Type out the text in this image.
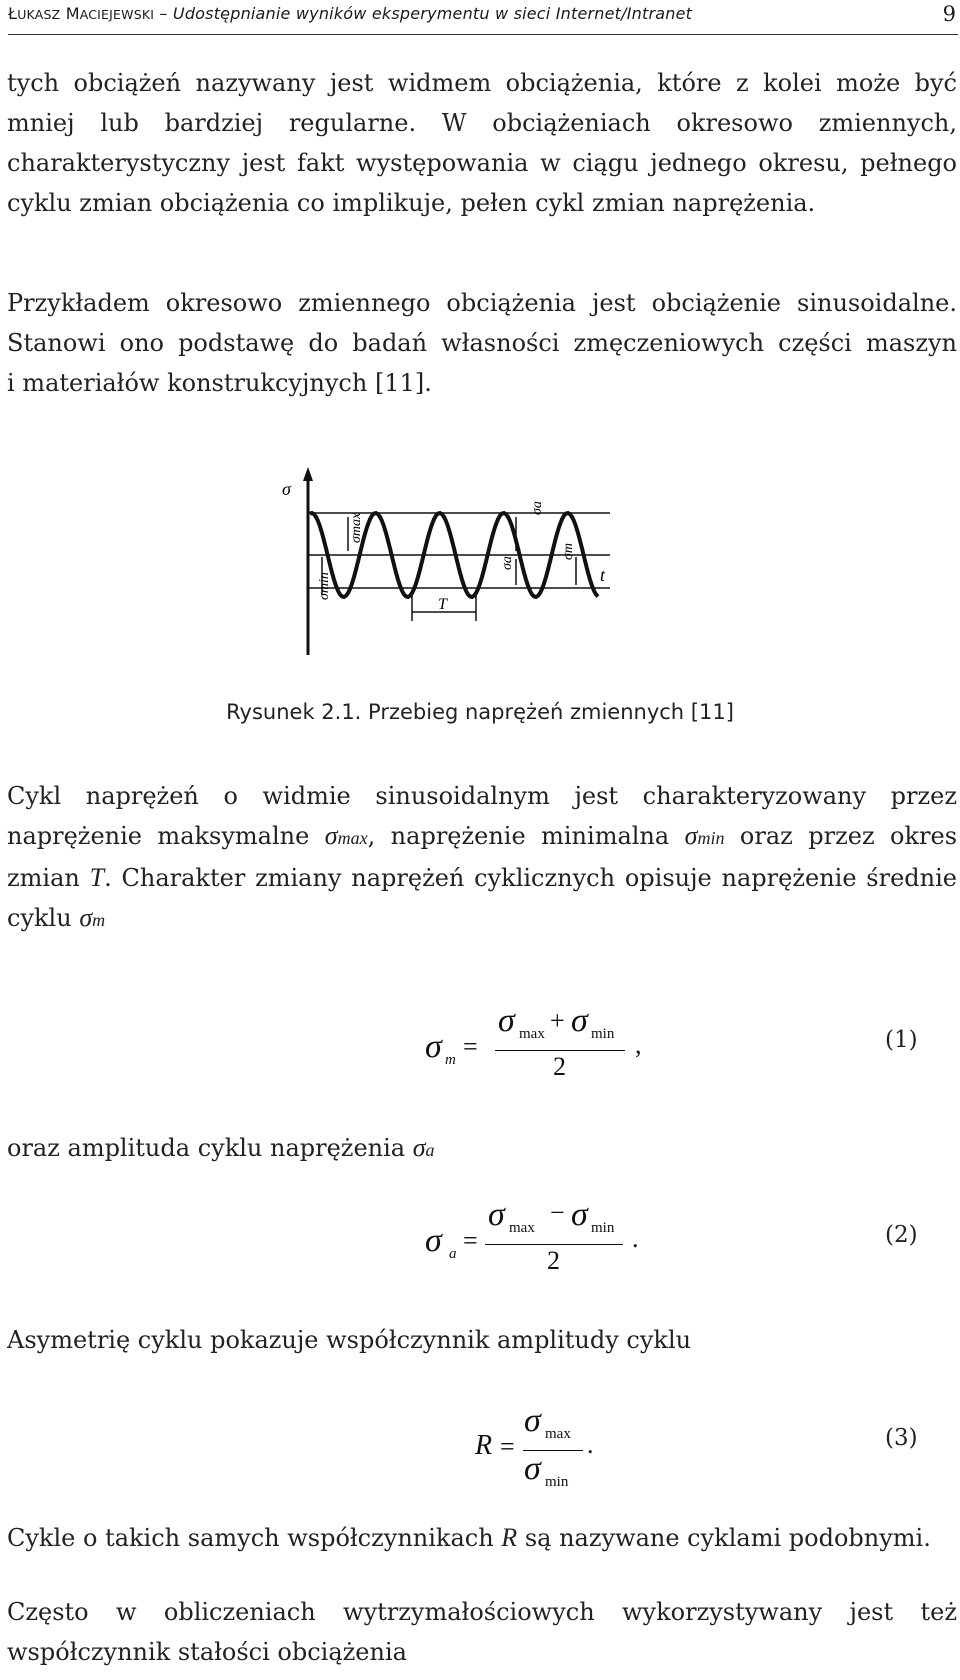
ŁUKASZ MACIEJEWSKI – Udostępnianie wyników eksperymentu w sieci Internet/Intranet	9
tych obciążeń nazywany jest widmem obciążenia, które z kolei może być
mniej lub bardziej regularne. W obciążeniach okresowo zmiennych,
charakterystyczny jest fakt występowania w ciągu jednego okresu, pełnego
cyklu zmian obciążenia co implikuje, pełen cykl zmian naprężenia.
Przykładem okresowo zmiennego obciążenia jest obciążenie sinusoidalne.
Stanowi ono podstawę do badań własności zmęczeniowych części maszyn
i materiałów konstrukcyjnych [11].
σ
σmax
σmin
σa
σa
σm
t
T
Rysunek 2.1. Przebieg naprężeń zmiennych [11]
Cykl naprężeń o widmie sinusoidalnym jest charakteryzowany przez
naprężenie maksymalne σmax, naprężenie minimalna σmin oraz przez okres
zmian T. Charakter zmiany naprężeń cyklicznych opisuje naprężenie średnie
cyklu σm
σ m =
σ max + σ min
2
,	(1)
oraz amplituda cyklu naprężenia σa
σ a =
σ max
− σ min
2
.	(2)
Asymetrię cyklu pokazuje współczynnik amplitudy cyklu
R =
σ max
σ min
.	(3)
Cykle o takich samych współczynnikach R są nazywane cyklami podobnymi.
Często w obliczeniach wytrzymałościowych wykorzystywany jest też
współczynnik stałości obciążenia
